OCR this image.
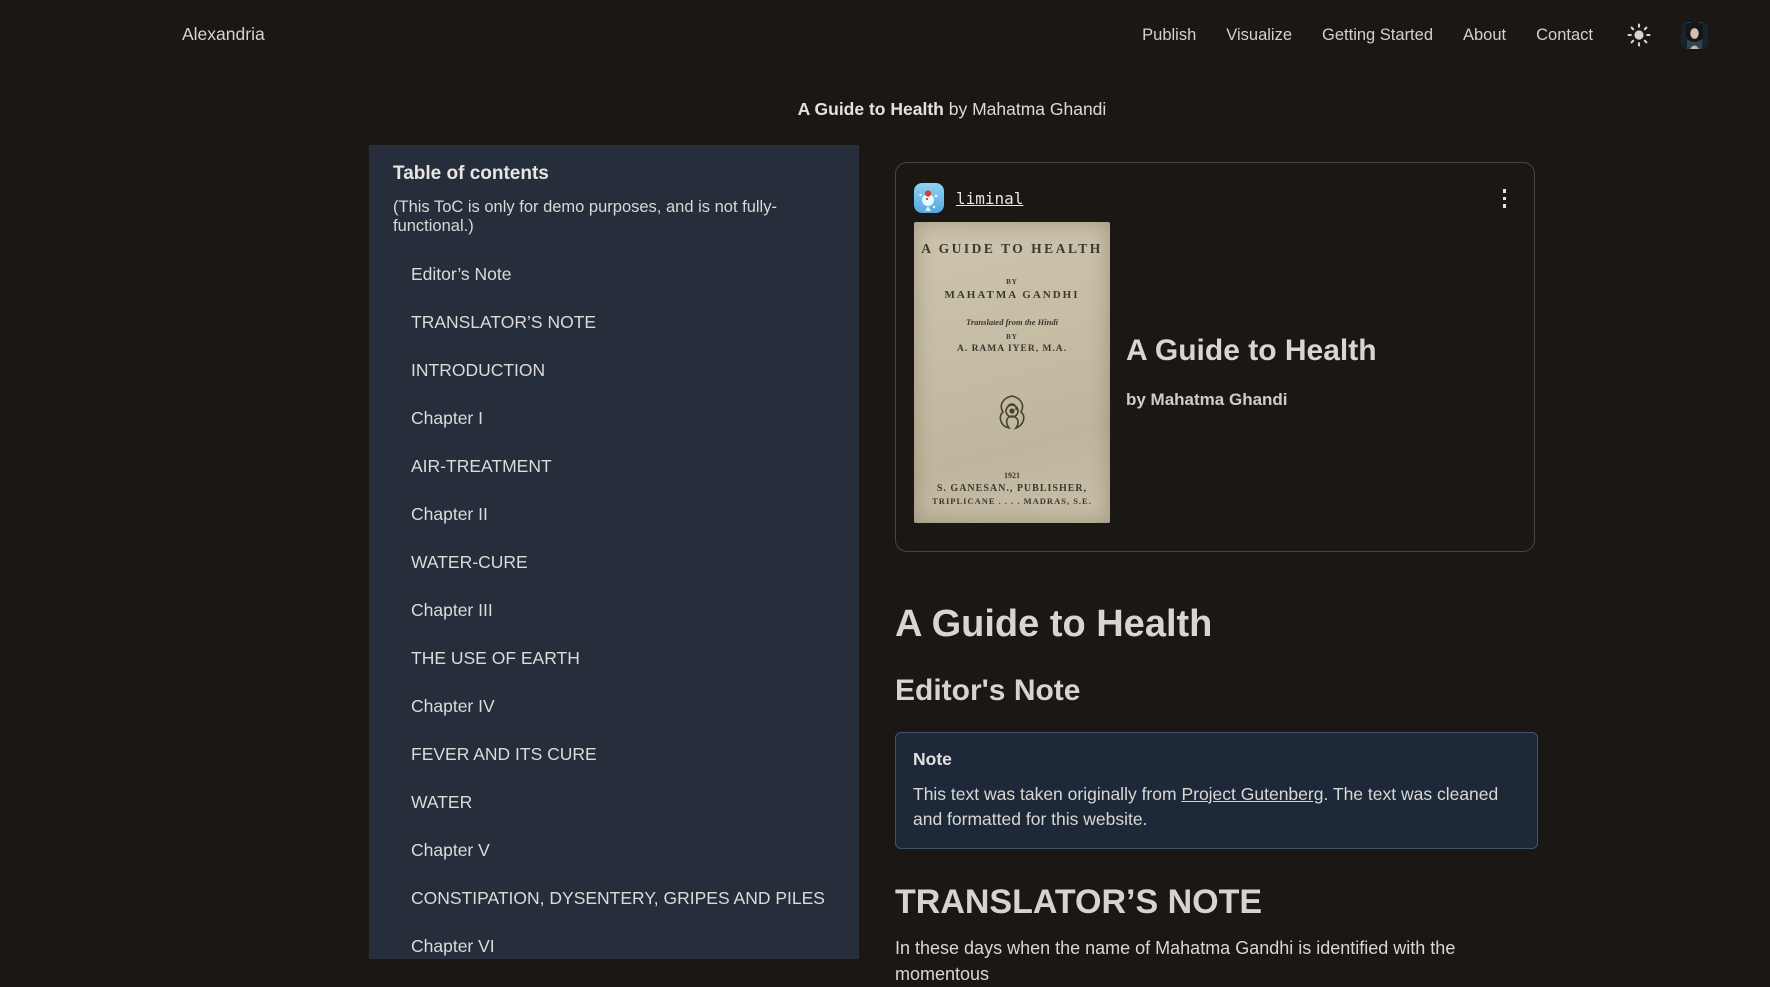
Alexandria	Publish Visualize Getting Started About Contact
A Guide to Health by Mahatma Ghandi
Table of contents

(This ToC is only for demo purposes, and is not fully-functional.)

Editor’s Note
TRANSLATOR’S NOTE
INTRODUCTION
Chapter I
AIR-TREATMENT
Chapter II
WATER-CURE
Chapter III
THE USE OF EARTH
Chapter IV
FEVER AND ITS CURE
WATER
Chapter V
CONSTIPATION, DYSENTERY, GRIPES AND PILES
Chapter VI
liminal
A GUIDE TO HEALTH
BY
MAHATMA GANDHI
Translated from the Hindi
BY
A. RAMA IYER, M.A.
1921
S. GANESAN., PUBLISHER,
TRIPLICANE . . . . MADRAS, S.E.
A Guide to Health
by Mahatma Ghandi
A Guide to Health
Editor's Note
Note
This text was taken originally from Project Gutenberg. The text was cleaned and formatted for this website.
TRANSLATOR’S NOTE

In these days when the name of Mahatma Gandhi is identified with the momentous
